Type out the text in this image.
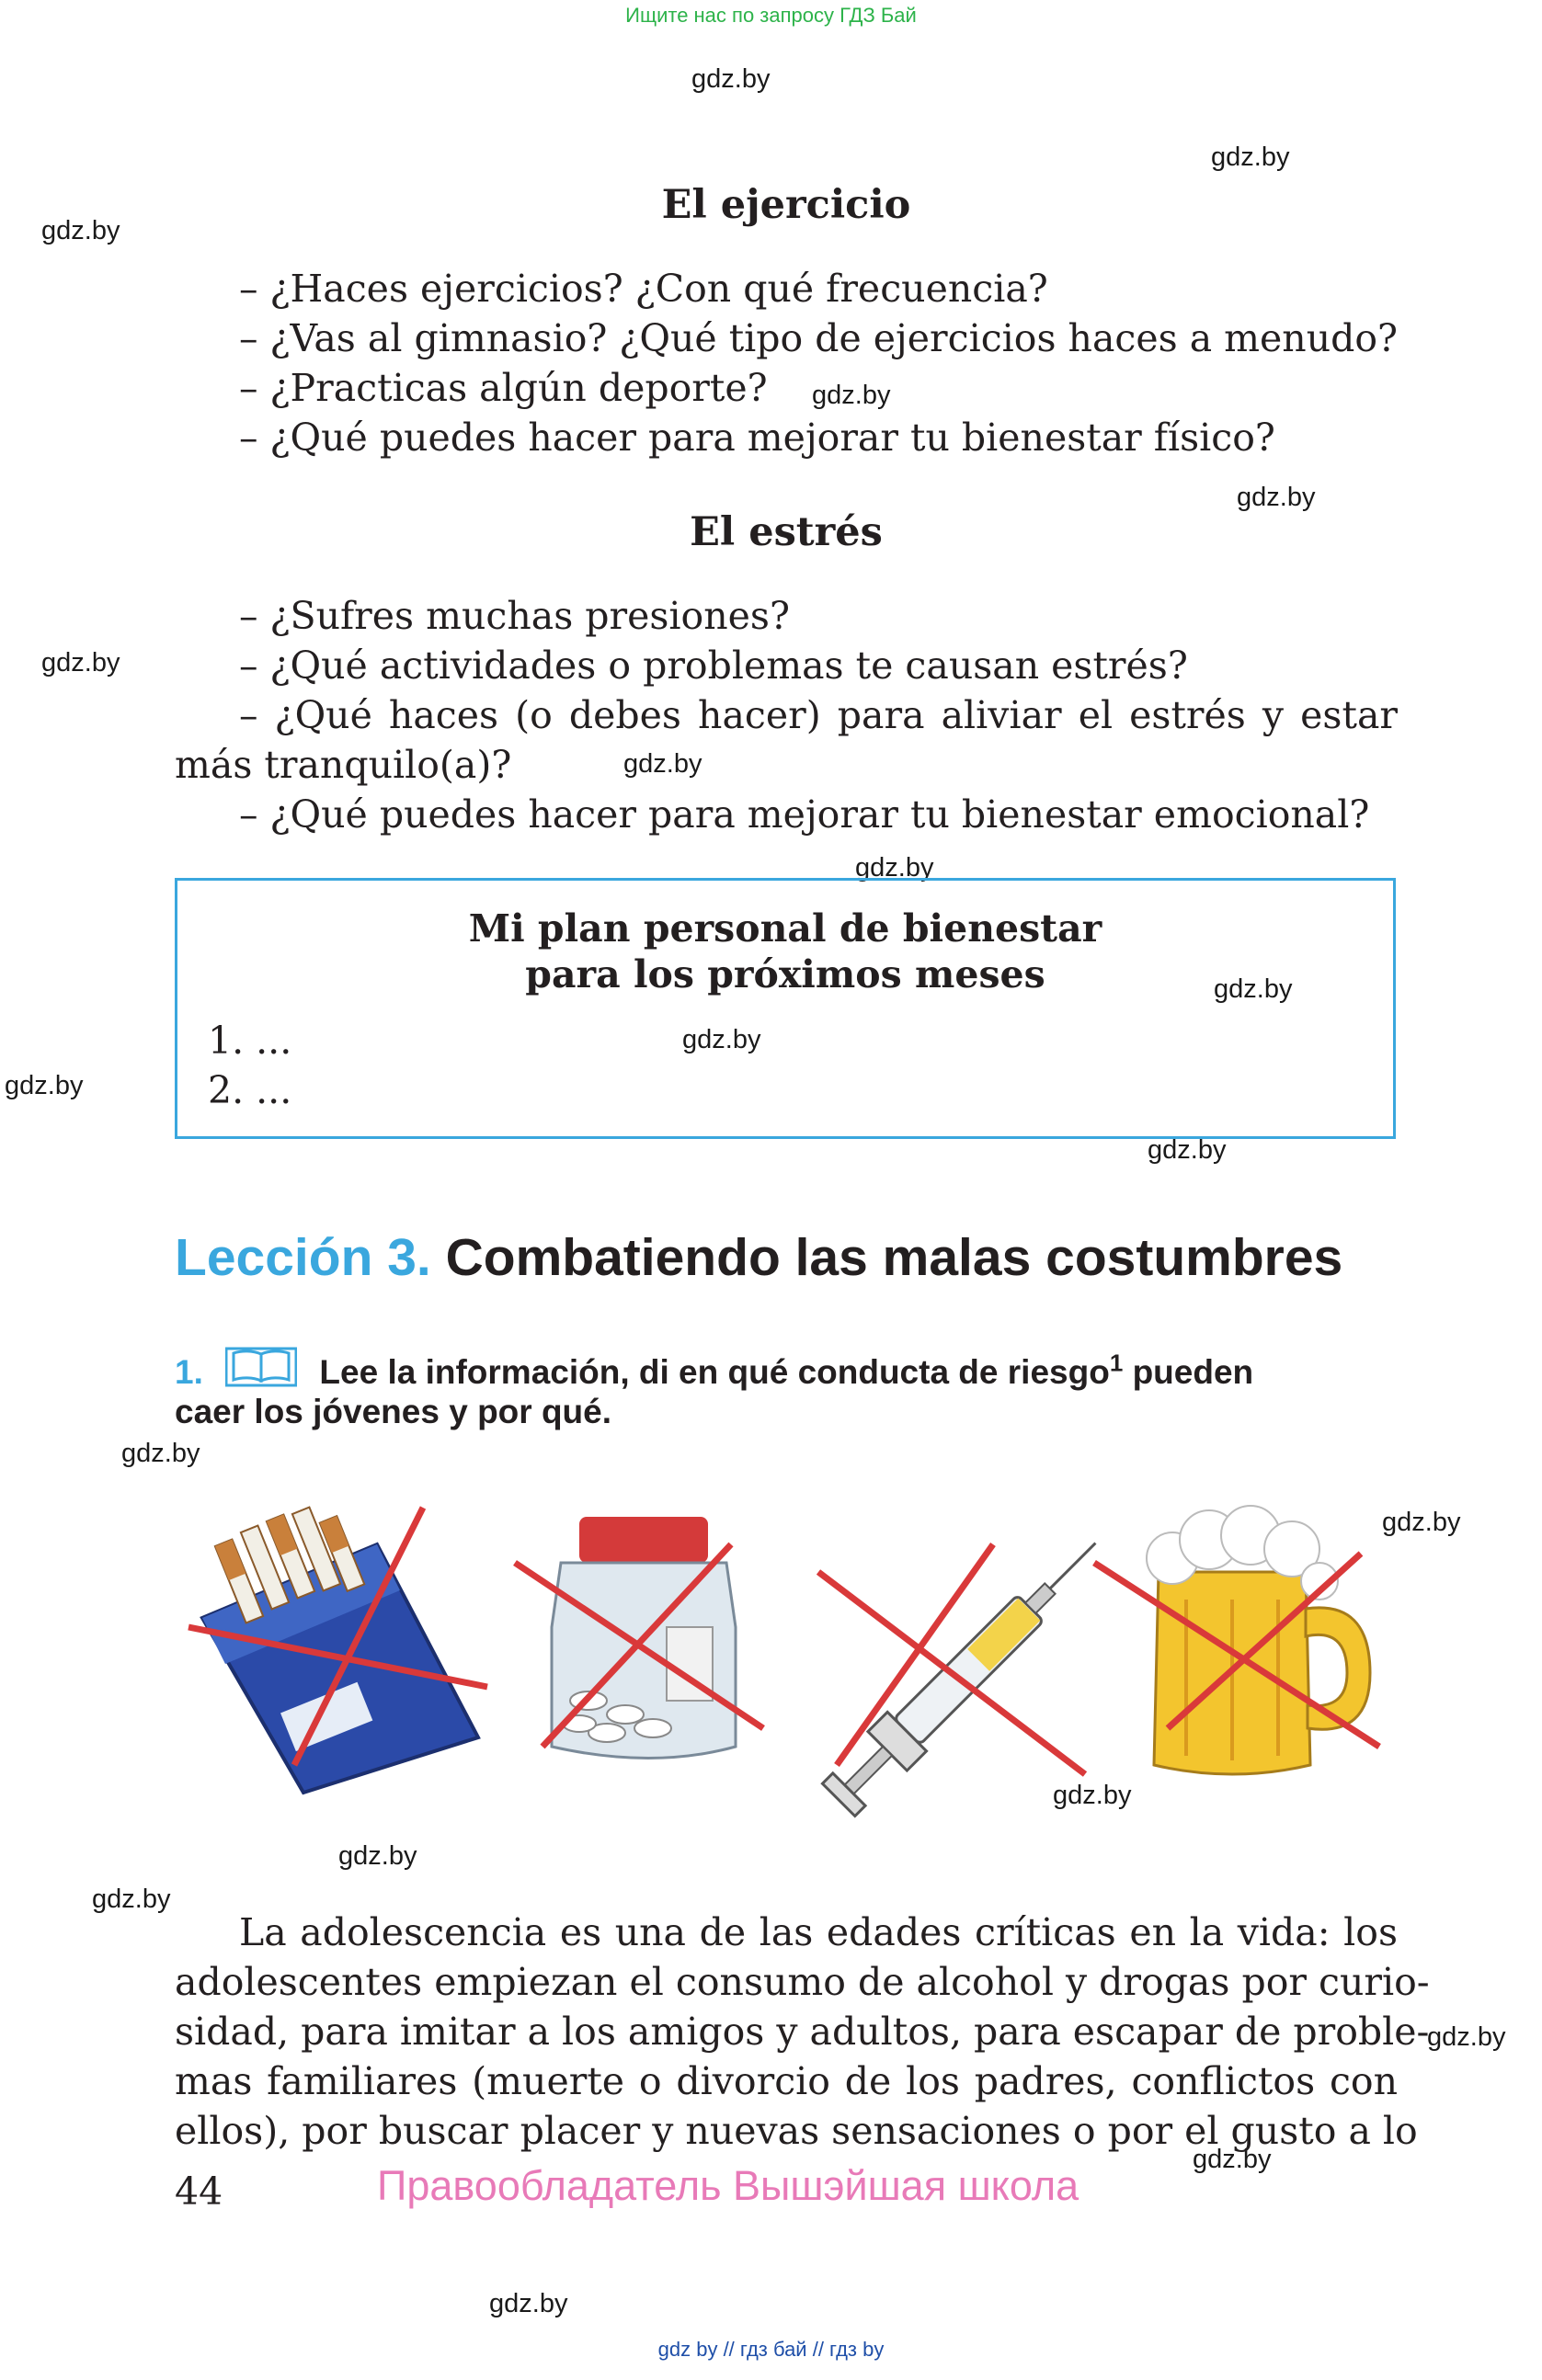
Ищите нас по запросу ГДЗ Бай
gdz.by
gdz.by
gdz.by
gdz.by
gdz.by
gdz.by
gdz.by
gdz.by
gdz.by
gdz.by
gdz.by
gdz.by
gdz.by
gdz.by
gdz.by
gdz.by
gdz.by
gdz.by
gdz.by
gdz.by
El ejercicio
– ¿Haces ejercicios? ¿Con qué frecuencia?
– ¿Vas al gimnasio? ¿Qué tipo de ejercicios haces a menudo?
– ¿Practicas algún deporte?
– ¿Qué puedes hacer para mejorar tu bienestar físico?
El estrés
– ¿Sufres muchas presiones?
– ¿Qué actividades o problemas te causan estrés?
– ¿Qué haces (o debes hacer) para aliviar el estrés y estar
más tranquilo(a)?
– ¿Qué puedes hacer para mejorar tu bienestar emocional?
Mi plan personal de bienestar
para los próximos meses
1. ...
2. ...
Lección 3. Combatiendo las malas costumbres
1.	Lee la información, di en qué conducta de riesgo$^1$ pueden
caer los jóvenes y por qué.
La adolescencia es una de las edades críticas en la vida: los
adolescentes empiezan el consumo de alcohol y drogas por curio-
sidad, para imitar a los amigos y adultos, para escapar de proble-
mas familiares (muerte o divorcio de los padres, conflictos con
ellos), por buscar placer y nuevas sensaciones o por el gusto a lo
44	Правообладатель Вышэйшая школа
gdz by // гдз бай // гдз by
